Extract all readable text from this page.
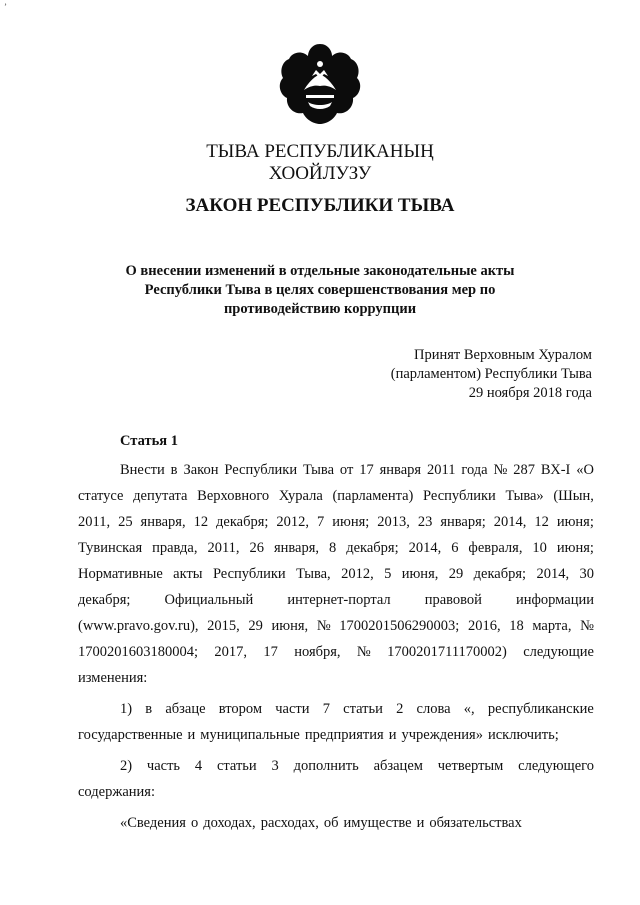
ʼ
ТЫВА РЕСПУБЛИКАНЫҢ
ХООЙЛУЗУ
ЗАКОН РЕСПУБЛИКИ ТЫВА
О внесении изменений в отдельные законодательные акты
Республики Тыва в целях совершенствования мер по
противодействию коррупции
Принят Верховным Хуралом
(парламентом) Республики Тыва
29 ноября 2018 года
Статья 1
Внести в Закон Республики Тыва от 17 января 2011 года № 287 ВХ-I «О
статусе депутата Верховного Хурала (парламента) Республики Тыва» (Шын,
2011, 25 января, 12 декабря; 2012, 7 июня; 2013, 23 января; 2014, 12 июня;
Тувинская правда, 2011, 26 января, 8 декабря; 2014, 6 февраля, 10 июня;
Нормативные акты Республики Тыва, 2012, 5 июня, 29 декабря; 2014, 30
декабря; Официальный интернет-портал правовой информации
(www.pravo.gov.ru), 2015, 29 июня, № 1700201506290003; 2016, 18 марта, №
1700201603180004; 2017, 17 ноября, № 1700201711170002) следующие
изменения:
1) в абзаце втором части 7 статьи 2 слова «, республиканские
государственные и муниципальные предприятия и учреждения» исключить;
2) часть 4 статьи 3 дополнить абзацем четвертым следующего
содержания:
«Сведения о доходах, расходах, об имуществе и обязательствах
